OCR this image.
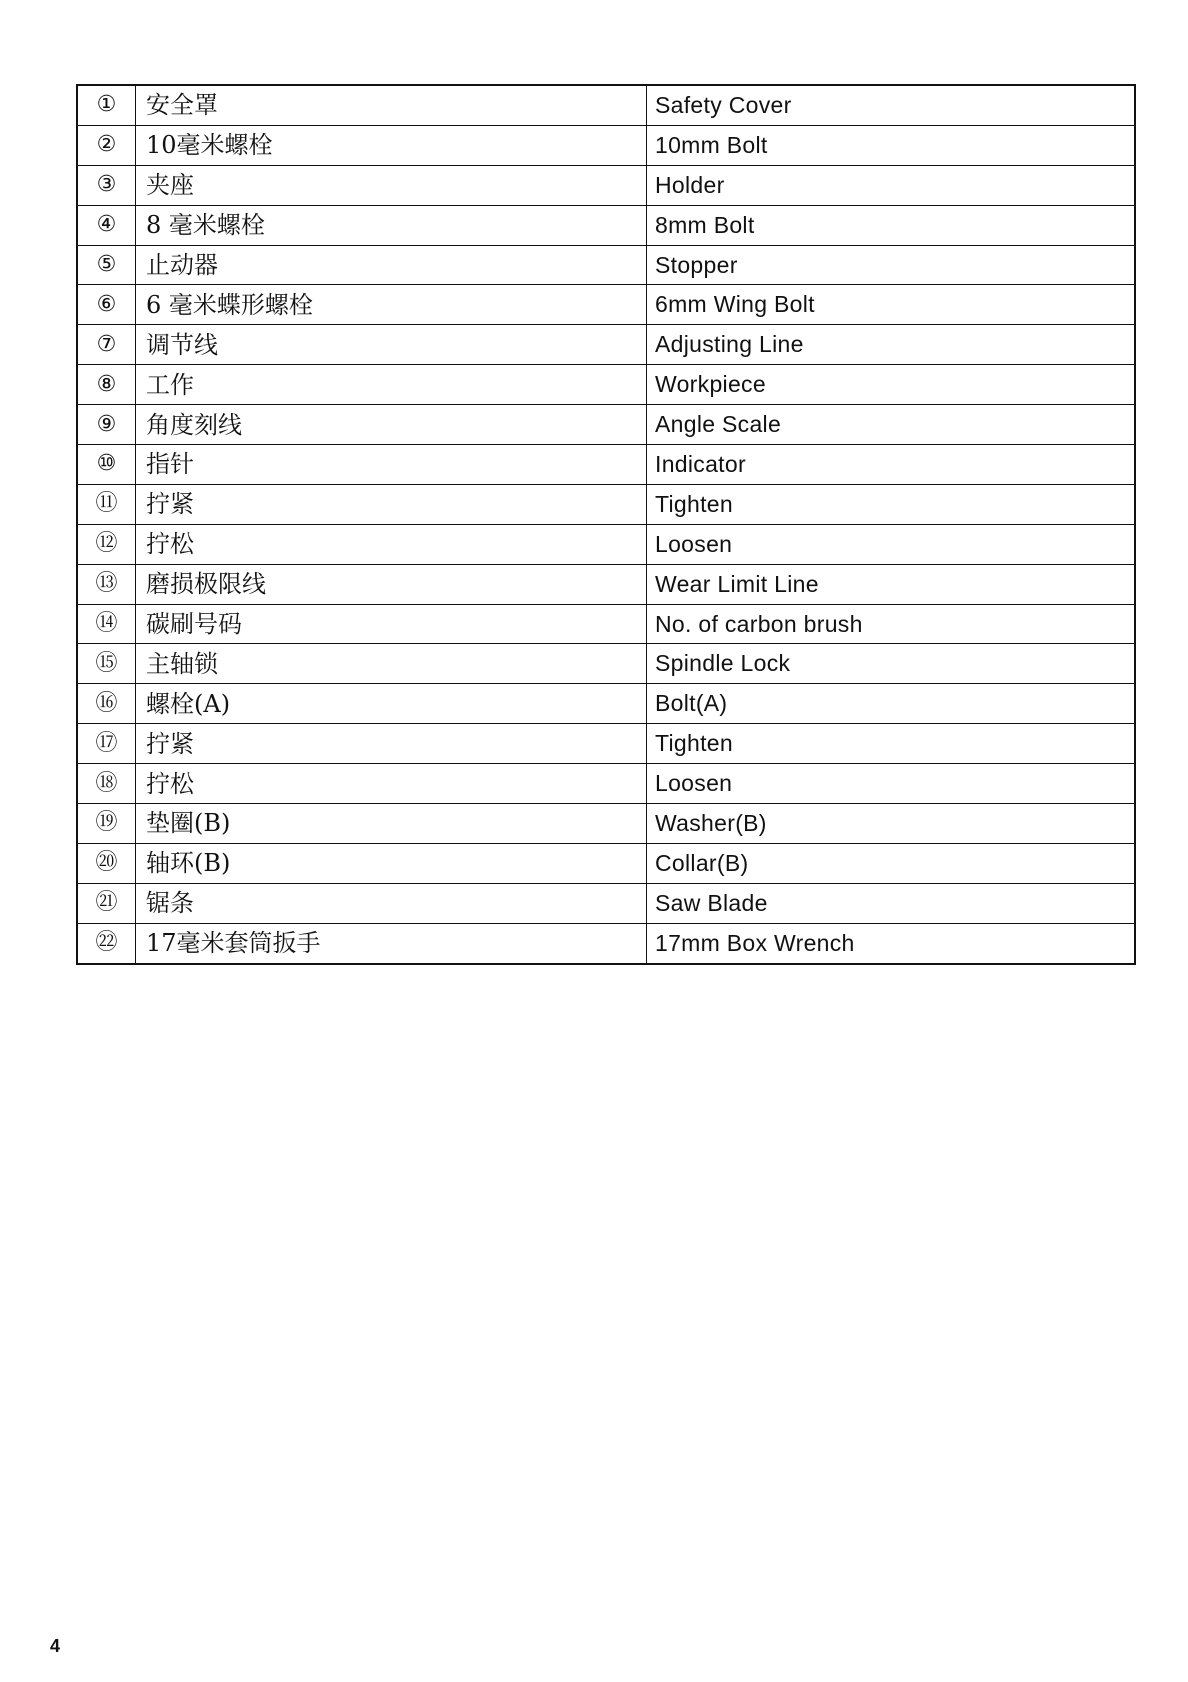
①	安全罩	Safety Cover
②	10毫米螺栓	10mm Bolt
③	夹座	Holder
④	8 毫米螺栓	8mm Bolt
⑤	止动器	Stopper
⑥	6 毫米蝶形螺栓	6mm Wing Bolt
⑦	调节线	Adjusting Line
⑧	工作	Workpiece
⑨	角度刻线	Angle Scale
⑩	指针	Indicator
⑪	拧紧	Tighten
⑫	拧松	Loosen
⑬	磨损极限线	Wear Limit Line
⑭	碳刷号码	No. of carbon brush
⑮	主轴锁	Spindle Lock
⑯	螺栓(A)	Bolt(A)
⑰	拧紧	Tighten
⑱	拧松	Loosen
⑲	垫圈(B)	Washer(B)
⑳	轴环(B)	Collar(B)
㉑	锯条	Saw Blade
㉒	17毫米套筒扳手	17mm Box Wrench
4
